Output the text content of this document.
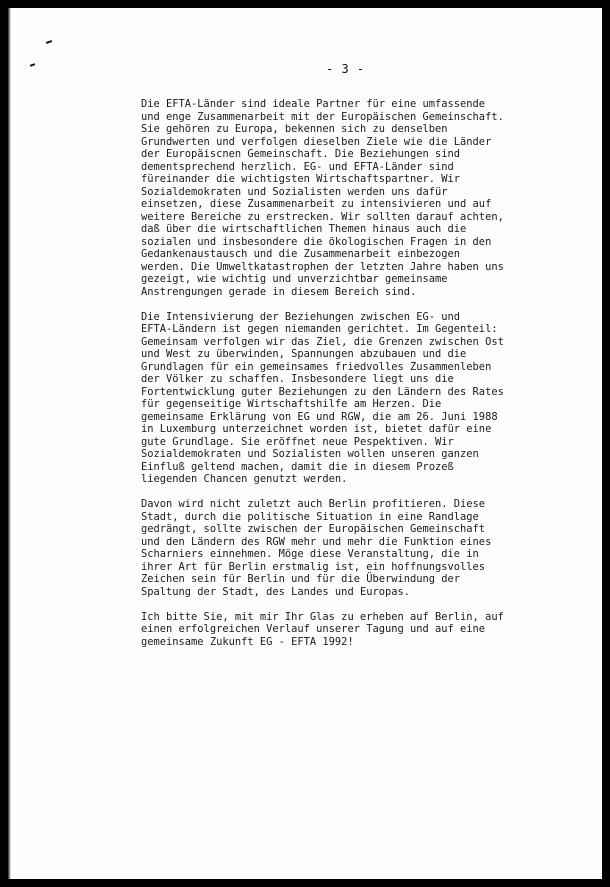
- 3 -

Die EFTA-Länder sind ideale Partner für eine umfassende
und enge Zusammenarbeit mit der Europäischen Gemeinschaft.
Sie gehören zu Europa, bekennen sich zu denselben
Grundwerten und verfolgen dieselben Ziele wie die Länder
der Europäiscnen Gemeinschaft. Die Beziehungen sind
dementsprechend herzlich. EG- und EFTA-Länder sind
füreinander die wichtigsten Wirtschaftspartner. Wir
Sozialdemokraten und Sozialisten werden uns dafür
einsetzen, diese Zusammenarbeit zu intensivieren und auf
weitere Bereiche zu erstrecken. Wir sollten darauf achten,
daß über die wirtschaftlichen Themen hinaus auch die
sozialen und insbesondere die ökologischen Fragen in den
Gedankenaustausch und die Zusammenarbeit einbezogen
werden. Die Umweltkatastrophen der letzten Jahre haben uns
gezeigt, wie wichtig und unverzichtbar gemeinsame
Anstrengungen gerade in diesem Bereich sind.

Die Intensivierung der Beziehungen zwischen EG- und
EFTA-Ländern ist gegen niemanden gerichtet. Im Gegenteil:
Gemeinsam verfolgen wir das Ziel, die Grenzen zwischen Ost
und West zu überwinden, Spannungen abzubauen und die
Grundlagen für ein gemeinsames friedvolles Zusammenleben
der Völker zu schaffen. Insbesondere liegt uns die
Fortentwicklung guter Beziehungen zu den Ländern des Rates
für gegenseitige Wirtschaftshilfe am Herzen. Die
gemeinsame Erklärung von EG und RGW, die am 26. Juni 1988
in Luxemburg unterzeichnet worden ist, bietet dafür eine
gute Grundlage. Sie eröffnet neue Pespektiven. Wir
Sozialdemokraten und Sozialisten wollen unseren ganzen
Einfluß geltend machen, damit die in diesem Prozeß
liegenden Chancen genutzt werden.

Davon wird nicht zuletzt auch Berlin profitieren. Diese
Stadt, durch die politische Situation in eine Randlage
gedrängt, sollte zwischen der Europäischen Gemeinschaft
und den Ländern des RGW mehr und mehr die Funktion eines
Scharniers einnehmen. Möge diese Veranstaltung, die in
ihrer Art für Berlin erstmalig ist, ein hoffnungsvolles
Zeichen sein für Berlin und für die Überwindung der
Spaltung der Stadt, des Landes und Europas.

Ich bitte Sie, mit mir Ihr Glas zu erheben auf Berlin, auf
einen erfolgreichen Verlauf unserer Tagung und auf eine
gemeinsame Zukunft EG - EFTA 1992!
